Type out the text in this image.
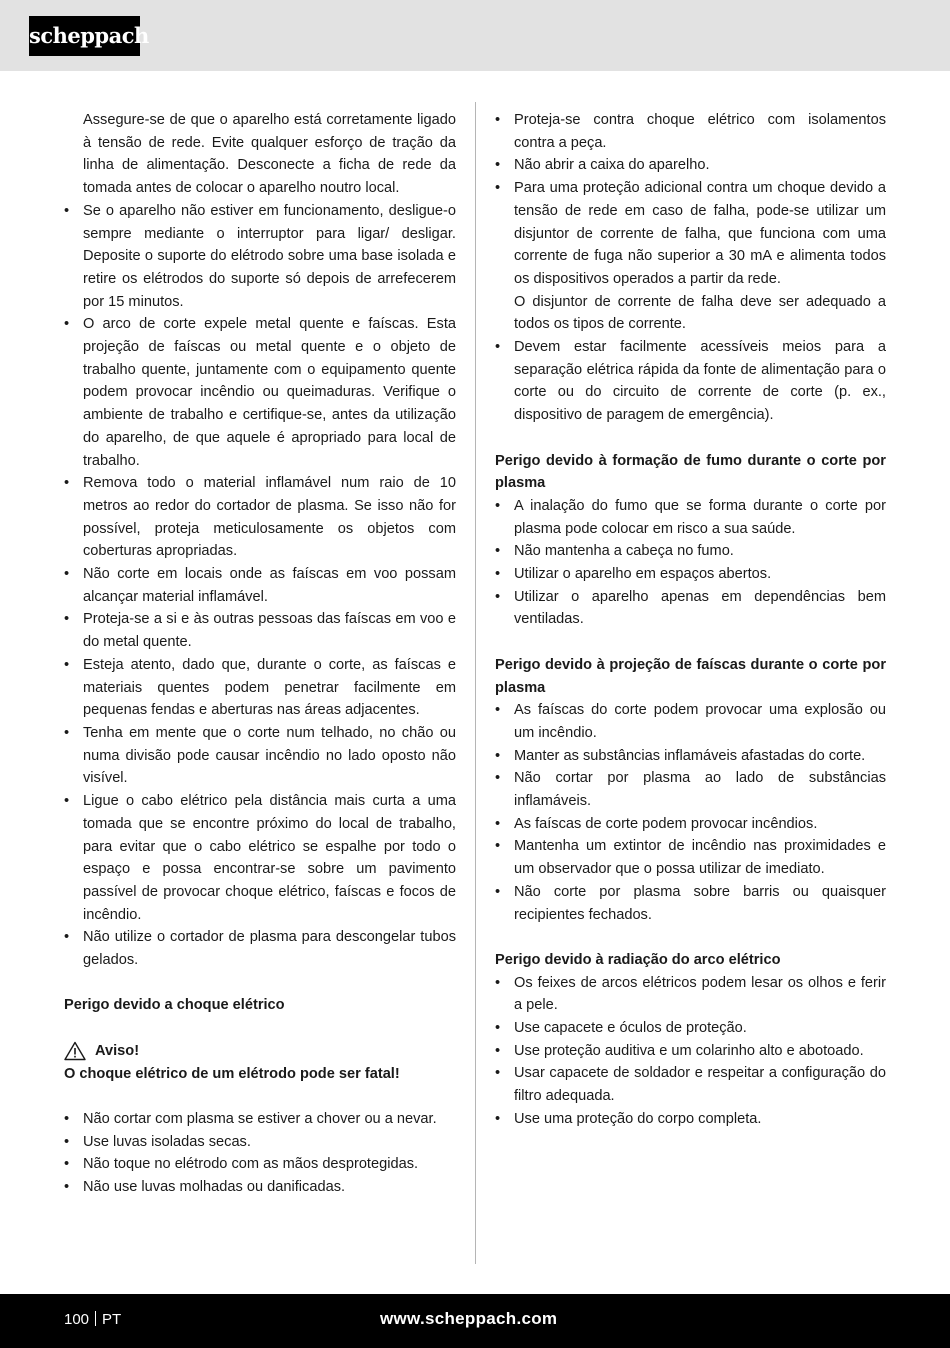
scheppach

Assegure-se de que o aparelho está corretamente ligado à tensão de rede. Evite qualquer esforço de tração da linha de alimentação. Desconecte a ficha de rede da tomada antes de colocar o aparelho noutro local.

• Se o aparelho não estiver em funcionamento, desligue-o sempre mediante o interruptor para ligar/ desligar. Deposite o suporte do elétrodo sobre uma base isolada e retire os elétrodos do suporte só depois de arrefecerem por 15 minutos.
• O arco de corte expele metal quente e faíscas. Esta projeção de faíscas ou metal quente e o objeto de trabalho quente, juntamente com o equipamento quente podem provocar incêndio ou queimaduras. Verifique o ambiente de trabalho e certifique-se, antes da utilização do aparelho, de que aquele é apropriado para local de trabalho.
• Remova todo o material inflamável num raio de 10 metros ao redor do cortador de plasma. Se isso não for possível, proteja meticulosamente os objetos com coberturas apropriadas.
• Não corte em locais onde as faíscas em voo possam alcançar material inflamável.
• Proteja-se a si e às outras pessoas das faíscas em voo e do metal quente.
• Esteja atento, dado que, durante o corte, as faíscas e materiais quentes podem penetrar facilmente em pequenas fendas e aberturas nas áreas adjacentes.
• Tenha em mente que o corte num telhado, no chão ou numa divisão pode causar incêndio no lado oposto não visível.
• Ligue o cabo elétrico pela distância mais curta a uma tomada que se encontre próximo do local de trabalho, para evitar que o cabo elétrico se espalhe por todo o espaço e possa encontrar-se sobre um pavimento passível de provocar choque elétrico, faíscas e focos de incêndio.
• Não utilize o cortador de plasma para descongelar tubos gelados.

Perigo devido a choque elétrico

Aviso!

O choque elétrico de um elétrodo pode ser fatal!

• Não cortar com plasma se estiver a chover ou a nevar.
• Use luvas isoladas secas.
• Não toque no elétrodo com as mãos desprotegidas.
• Não use luvas molhadas ou danificadas.
• Proteja-se contra choque elétrico com isolamentos contra a peça.
• Não abrir a caixa do aparelho.
• Para uma proteção adicional contra um choque devido a tensão de rede em caso de falha, pode-se utilizar um disjuntor de corrente de falha, que funciona com uma corrente de fuga não superior a 30 mA e alimenta todos os dispositivos operados a partir da rede.

O disjuntor de corrente de falha deve ser adequado a todos os tipos de corrente.

• Devem estar facilmente acessíveis meios para a separação elétrica rápida da fonte de alimentação para o corte ou do circuito de corrente de corte (p. ex., dispositivo de paragem de emergência).

Perigo devido à formação de fumo durante o corte por plasma

• A inalação do fumo que se forma durante o corte por plasma pode colocar em risco a sua saúde.
• Não mantenha a cabeça no fumo.
• Utilizar o aparelho em espaços abertos.
• Utilizar o aparelho apenas em dependências bem ventiladas.

Perigo devido à projeção de faíscas durante o corte por plasma

• As faíscas do corte podem provocar uma explosão ou um incêndio.
• Manter as substâncias inflamáveis afastadas do corte.
• Não cortar por plasma ao lado de substâncias inflamáveis.
• As faíscas de corte podem provocar incêndios.
• Mantenha um extintor de incêndio nas proximidades e um observador que o possa utilizar de imediato.
• Não corte por plasma sobre barris ou quaisquer recipientes fechados.

Perigo devido à radiação do arco elétrico

• Os feixes de arcos elétricos podem lesar os olhos e ferir a pele.
• Use capacete e óculos de proteção.
• Use proteção auditiva e um colarinho alto e abotoado.
• Usar capacete de soldador e respeitar a configuração do filtro adequada.
• Use uma proteção do corpo completa.
100 PT	www.scheppach.com
